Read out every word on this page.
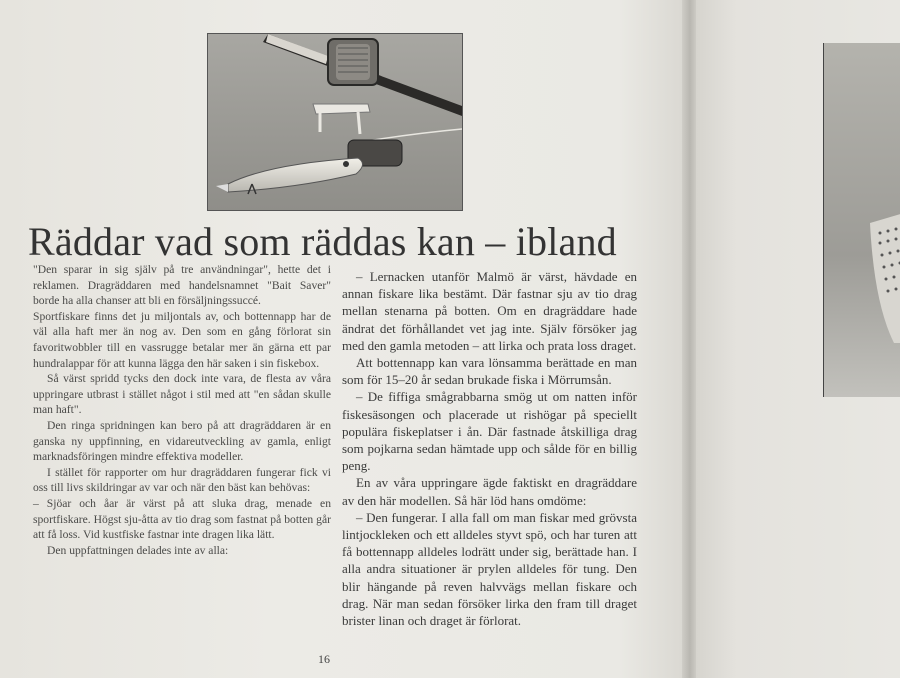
Räddar vad som räddas kan – ibland

"Den sparar in sig själv på tre användningar", hette det i reklamen. Dragräddaren med handelsnamnet "Bait Saver" borde ha alla chanser att bli en försäljningssuccé.

Sportfiskare finns det ju miljontals av, och bottennapp har de väl alla haft mer än nog av. Den som en gång förlorat sin favoritwobbler till en vassrugge betalar mer än gärna ett par hundralappar för att kunna lägga den här saken i sin fiskebox.

Så värst spridd tycks den dock inte vara, de flesta av våra uppringare utbrast i stället något i stil med att "en sådan skulle man haft".

Den ringa spridningen kan bero på att dragräddaren är en ganska ny uppfinning, en vidareutveckling av gamla, enligt marknadsföringen mindre effektiva modeller.

I stället för rapporter om hur dragräddaren fungerar fick vi oss till livs skildringar av var och när den bäst kan behövas:

– Sjöar och åar är värst på att sluka drag, menade en sportfiskare. Högst sju-åtta av tio drag som fastnat på botten går att få loss. Vid kustfiske fastnar inte dragen lika lätt.

Den uppfattningen delades inte av alla:

– Lernacken utanför Malmö är värst, hävdade en annan fiskare lika bestämt. Där fastnar sju av tio drag mellan stenarna på botten. Om en dragräddare hade ändrat det förhållandet vet jag inte. Själv försöker jag med den gamla metoden – att lirka och prata loss draget.

Att bottennapp kan vara lönsamma berättade en man som för 15–20 år sedan brukade fiska i Mörrumsån.

– De fiffiga smågrabbarna smög ut om natten inför fiskesäsongen och placerade ut rishögar på speciellt populära fiskeplatser i ån. Där fastnade åtskilliga drag som pojkarna sedan hämtade upp och sålde för en billig peng.

En av våra uppringare ägde faktiskt en dragräddare av den här modellen. Så här löd hans omdöme:

– Den fungerar. I alla fall om man fiskar med grövsta lintjockleken och ett alldeles styvt spö, och har turen att få bottennapp alldeles lodrätt under sig, berättade han. I alla andra situationer är prylen alldeles för tung. Den blir hängande på reven halvvägs mellan fiskare och drag. När man sedan försöker lirka den fram till draget brister linan och draget är förlorat.

16
